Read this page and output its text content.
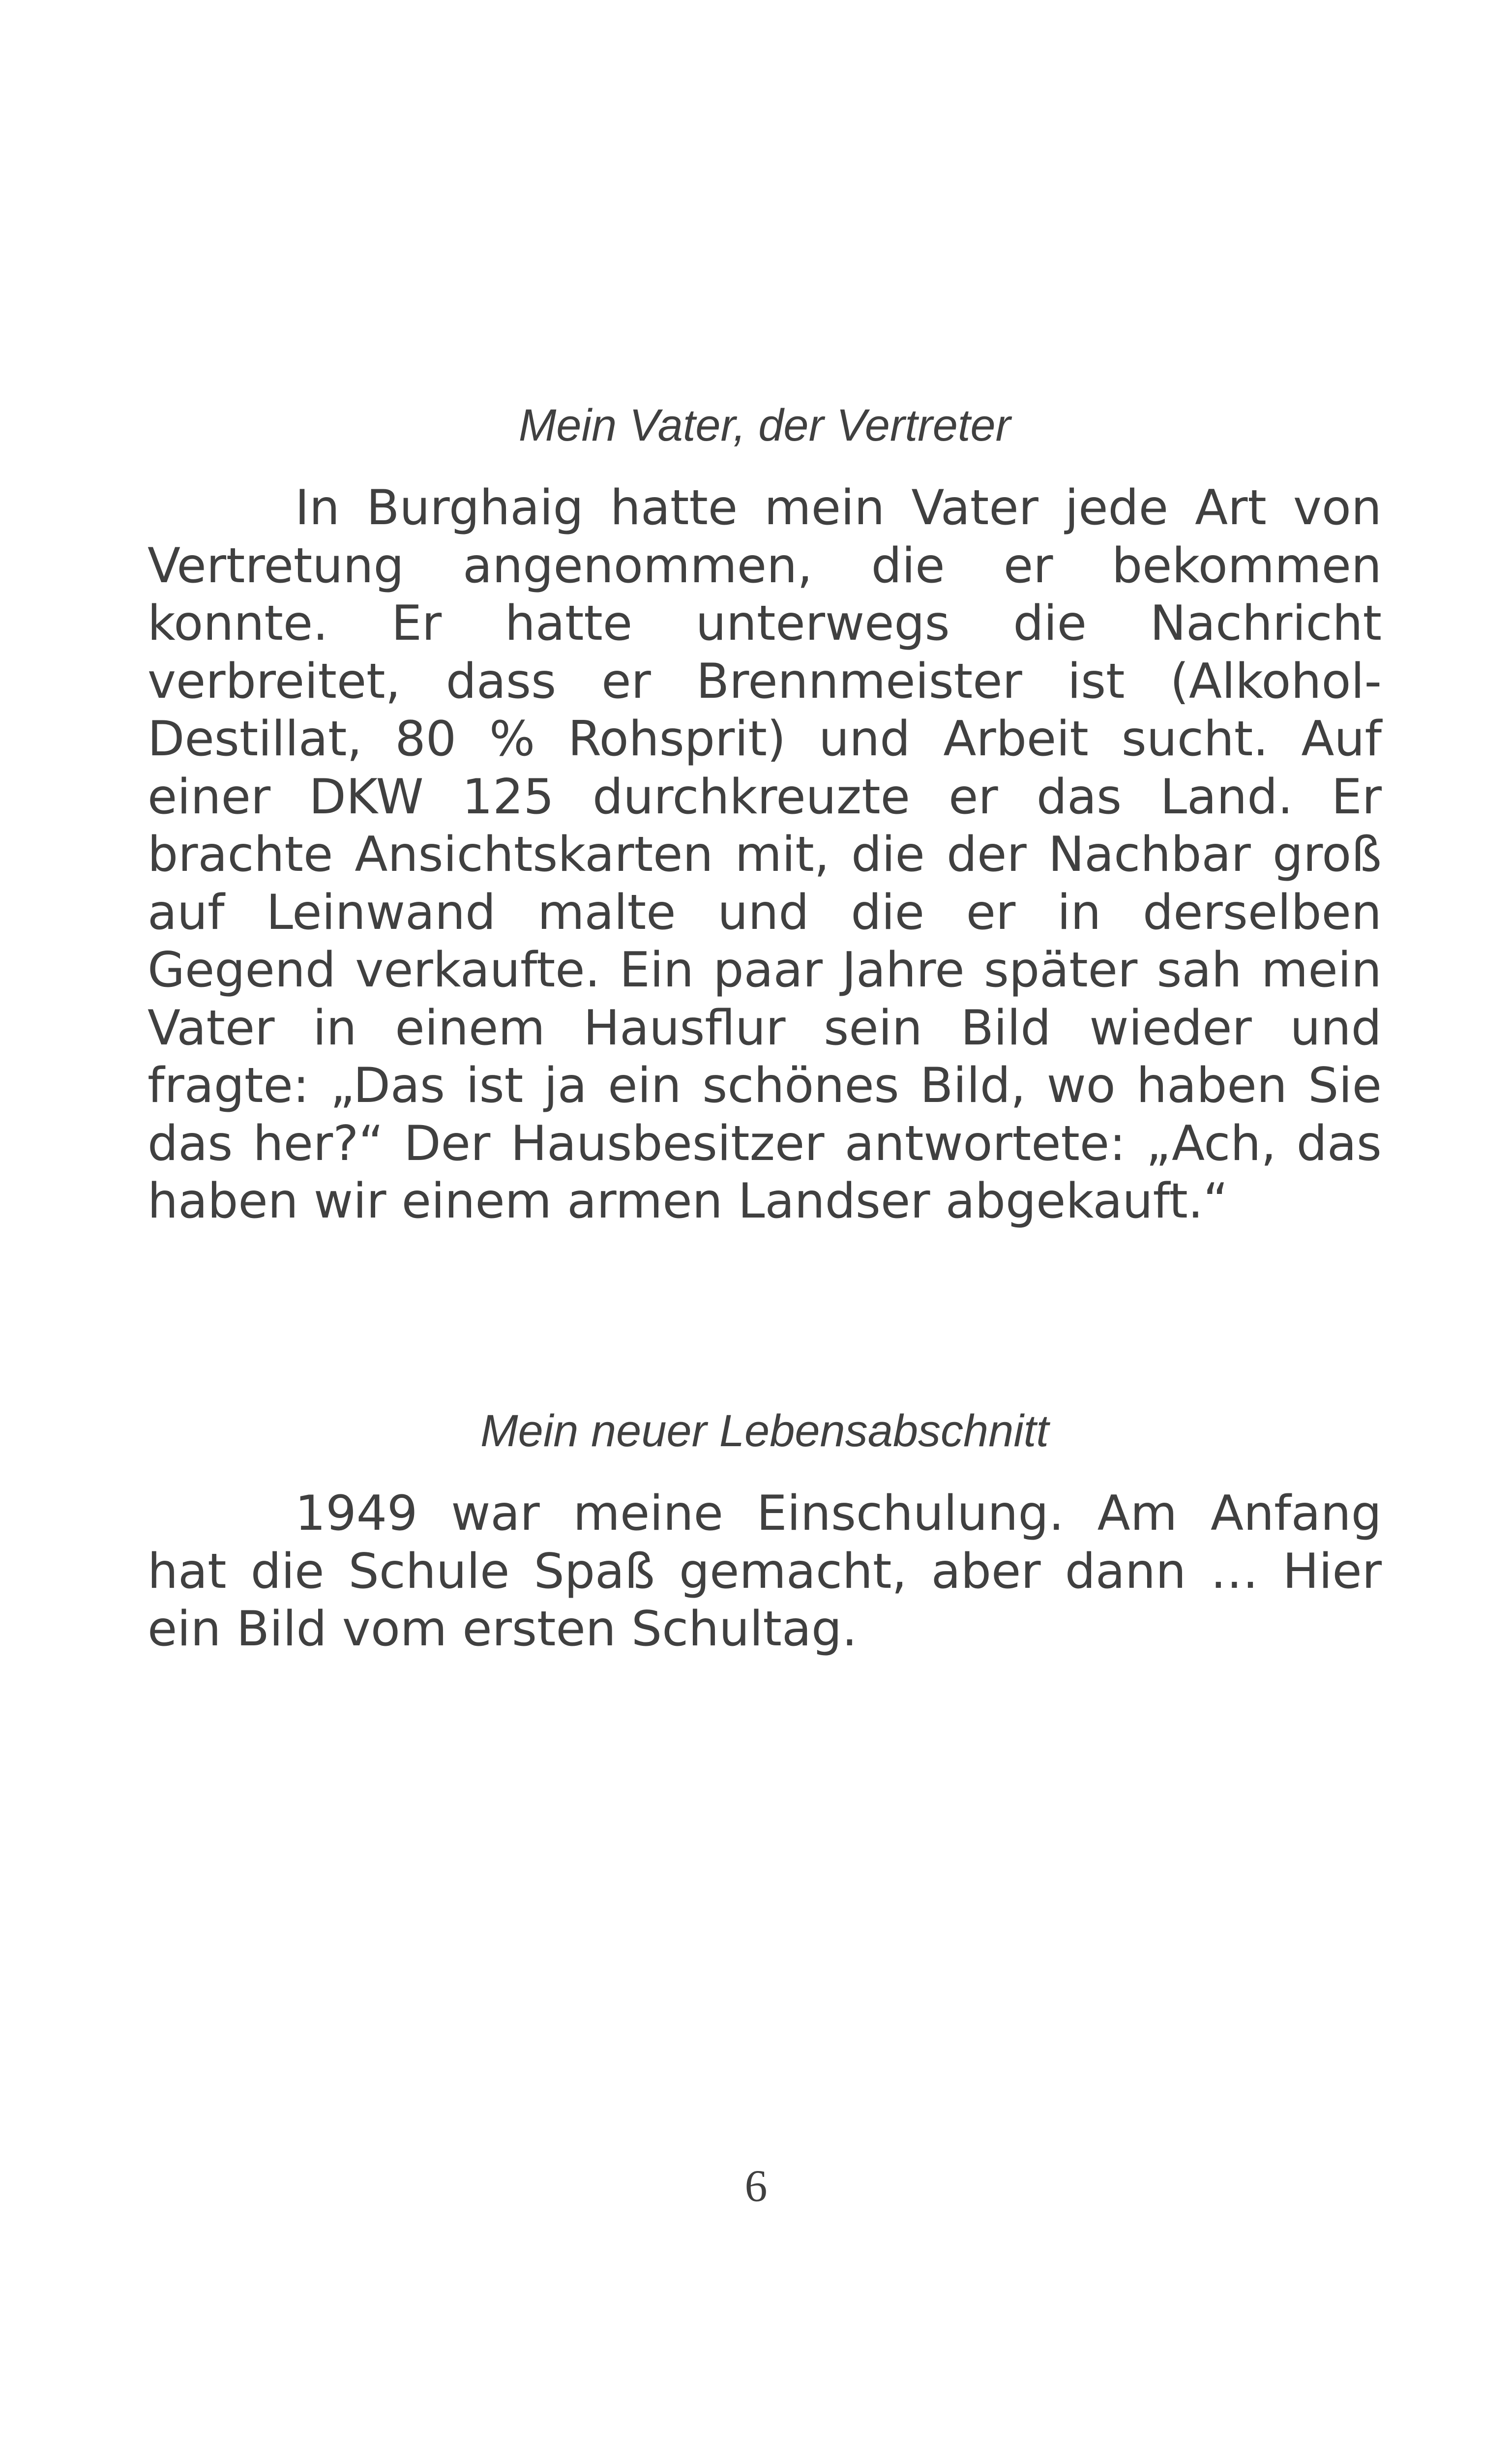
Mein Vater, der Vertreter

In Burghaig hatte mein Vater jede Art von Vertretung angenommen, die er bekommen konnte. Er hatte unterwegs die Nachricht verbreitet, dass er Brennmeister ist (Alkohol-Destillat, 80 % Rohsprit) und Arbeit sucht. Auf einer DKW 125 durchkreuzte er das Land. Er brachte Ansichtskarten mit, die der Nachbar groß auf Leinwand malte und die er in derselben Gegend verkaufte. Ein paar Jahre später sah mein Vater in einem Hausflur sein Bild wieder und fragte: „Das ist ja ein schönes Bild, wo haben Sie das her?“ Der Hausbesitzer antwortete: „Ach, das haben wir einem armen Landser abgekauft.“

Mein neuer Lebensabschnitt

1949 war meine Einschulung. Am Anfang hat die Schule Spaß gemacht, aber dann … Hier ein Bild vom ersten Schultag.

6
